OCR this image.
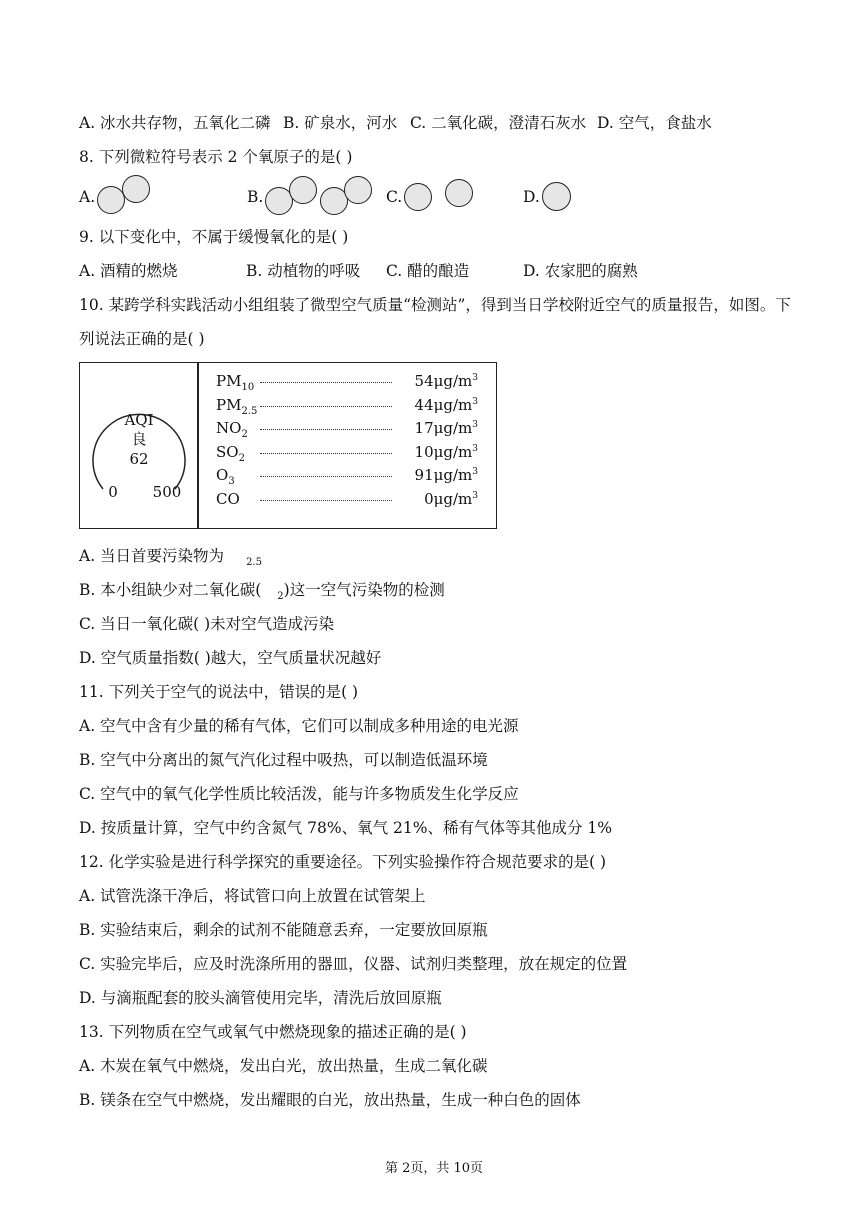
A. 冰水共存物，五氧化二磷 B. 矿泉水，河水 C. 二氧化碳，澄清石灰水 D. 空气，食盐水
8. 下列微粒符号表示 2 个氧原子的是( )
A.	B.	C.	D.
9. 以下变化中，不属于缓慢氧化的是( )
A. 酒精的燃烧	B. 动植物的呼吸 C. 醋的酿造	D. 农家肥的腐熟
10. 某跨学科实践活动小组组装了微型空气质量“检测站”，得到当日学校附近空气的质量报告，如图。下
列说法正确的是( )
AQI
良
62
0	500
$PM_{10}$	$54\mu g/m^3$
$PM_{2.5}$	$44\mu g/m^3$
$NO_2$	$17\mu g/m^3$
$SO_2$	$10\mu g/m^3$
$O_3$	$91\mu g/m^3$
CO	$0\mu g/m^3$
A. 当日首要污染物为 $_{2.5}$
B. 本小组缺少对二氧化碳( $_2$)这一空气污染物的检测
C. 当日一氧化碳( )未对空气造成污染
D. 空气质量指数( )越大，空气质量状况越好
11. 下列关于空气的说法中，错误的是( )
A. 空气中含有少量的稀有气体，它们可以制成多种用途的电光源
B. 空气中分离出的氮气汽化过程中吸热，可以制造低温环境
C. 空气中的氧气化学性质比较活泼，能与许多物质发生化学反应
D. 按质量计算，空气中约含氮气 78%、氧气 21%、稀有气体等其他成分 1%
12. 化学实验是进行科学探究的重要途径。下列实验操作符合规范要求的是( )
A. 试管洗涤干净后，将试管口向上放置在试管架上
B. 实验结束后，剩余的试剂不能随意丢弃，一定要放回原瓶
C. 实验完毕后，应及时洗涤所用的器皿，仪器、试剂归类整理，放在规定的位置
D. 与滴瓶配套的胶头滴管使用完毕，清洗后放回原瓶
13. 下列物质在空气或氧气中燃烧现象的描述正确的是( )
A. 木炭在氧气中燃烧，发出白光，放出热量，生成二氧化碳
B. 镁条在空气中燃烧，发出耀眼的白光，放出热量，生成一种白色的固体
第 2页，共 10页
